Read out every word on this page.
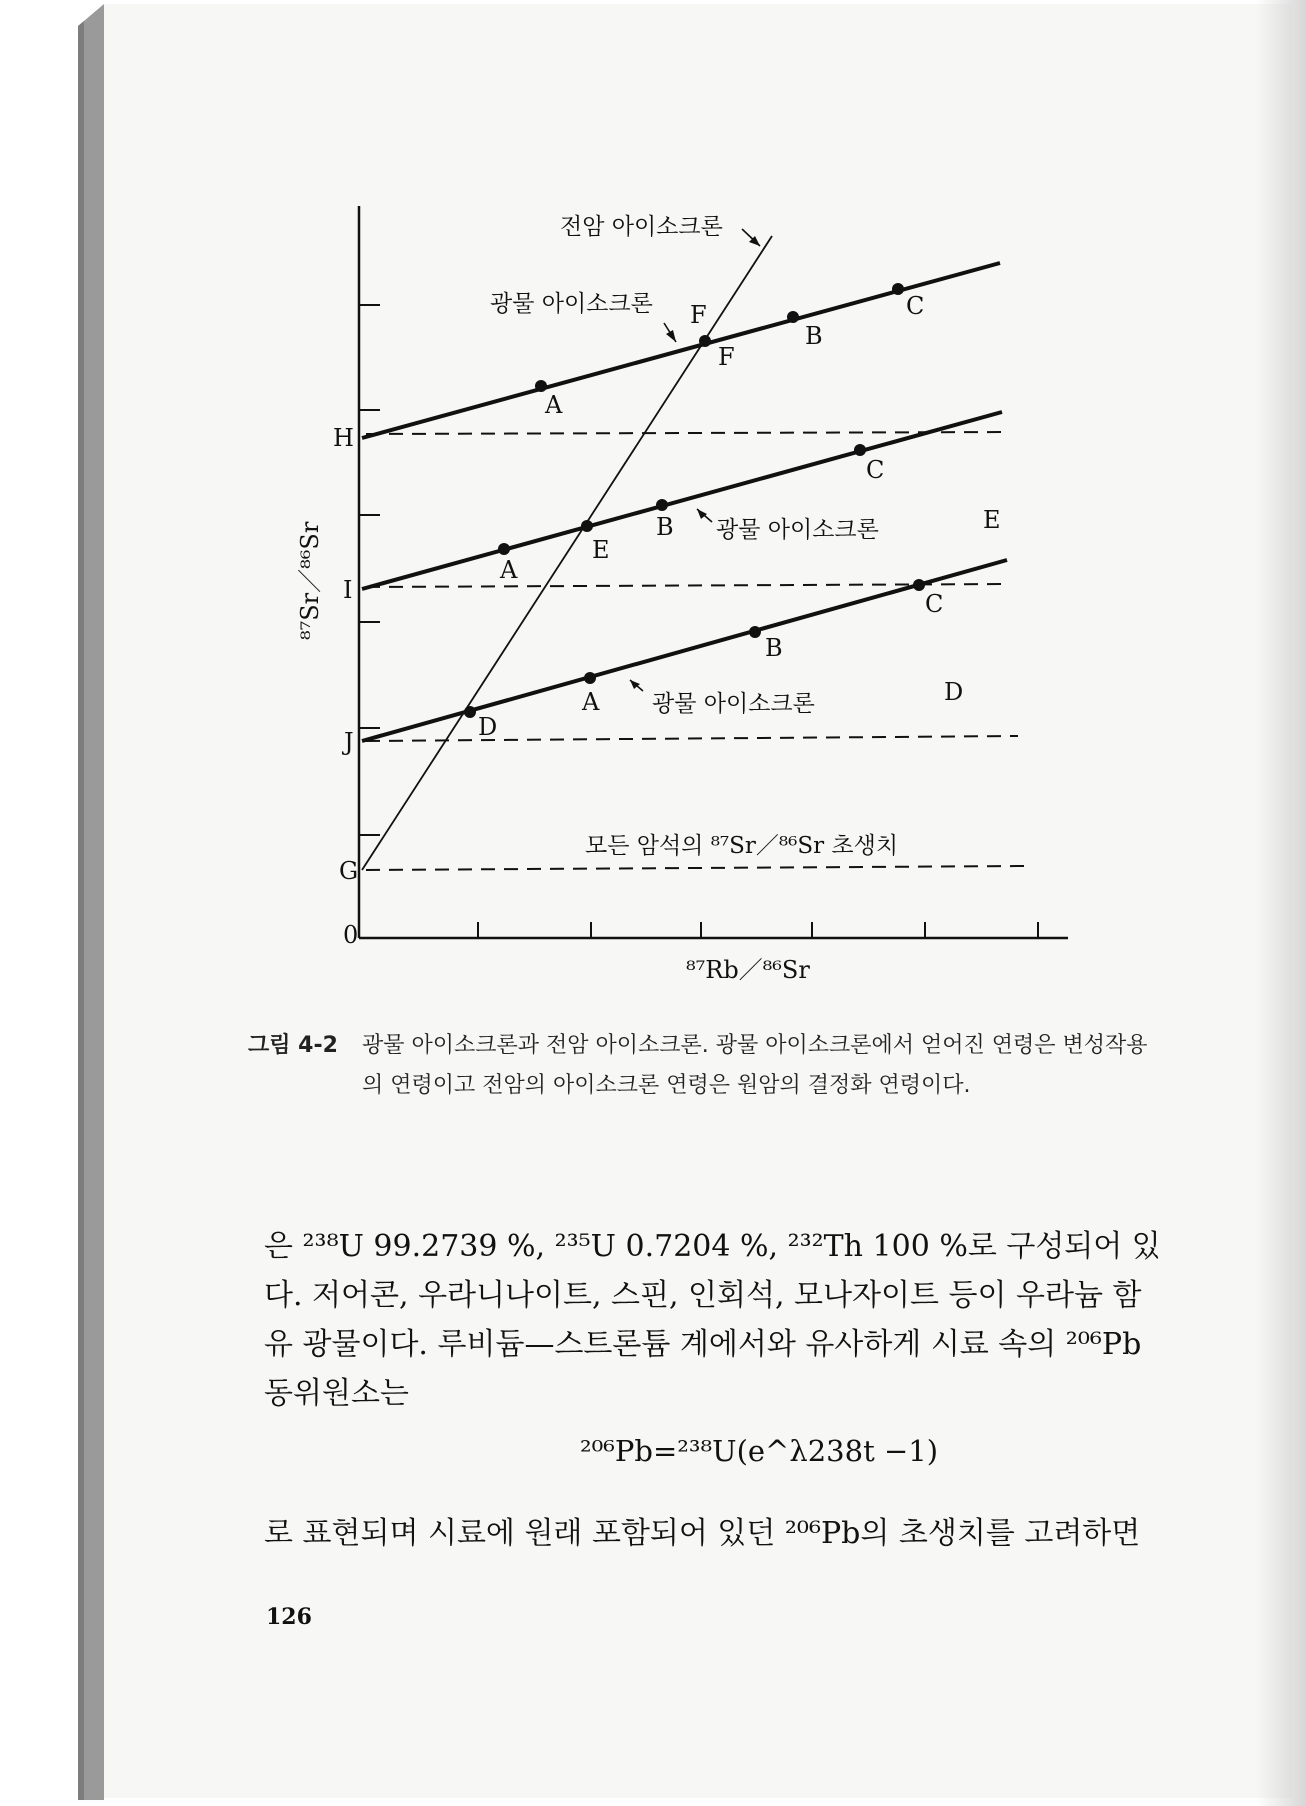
A
F
F
B
C
A
E
B
C
E
D
A
B
C
D
H
I
J
G
0
전암 아이소크론
광물 아이소크론
광물 아이소크론
광물 아이소크론
모든 암석의 ⁸⁷Sr／⁸⁶Sr 초생치
⁸⁷Rb／⁸⁶Sr
⁸⁷Sr／⁸⁶Sr
그림 4-2 광물 아이소크론과 전암 아이소크론. 광물 아이소크론에서 얻어진 연령은 변성작용의 연령이고 전암의 아이소크론 연령은 원암의 결정화 연령이다.
은 ²³⁸U 99.2739 %, ²³⁵U 0.7204 %, ²³²Th 100 %로 구성되어 있다. 저어콘, 우라니나이트, 스핀, 인회석, 모나자이트 등이 우라늄 함유 광물이다. 루비듐—스트론튬 계에서와 유사하게 시료 속의 ²⁰⁶Pb 동위원소는
²⁰⁶Pb=²³⁸U(e^λ238t −1)
로 표현되며 시료에 원래 포함되어 있던 ²⁰⁶Pb의 초생치를 고려하면
126
